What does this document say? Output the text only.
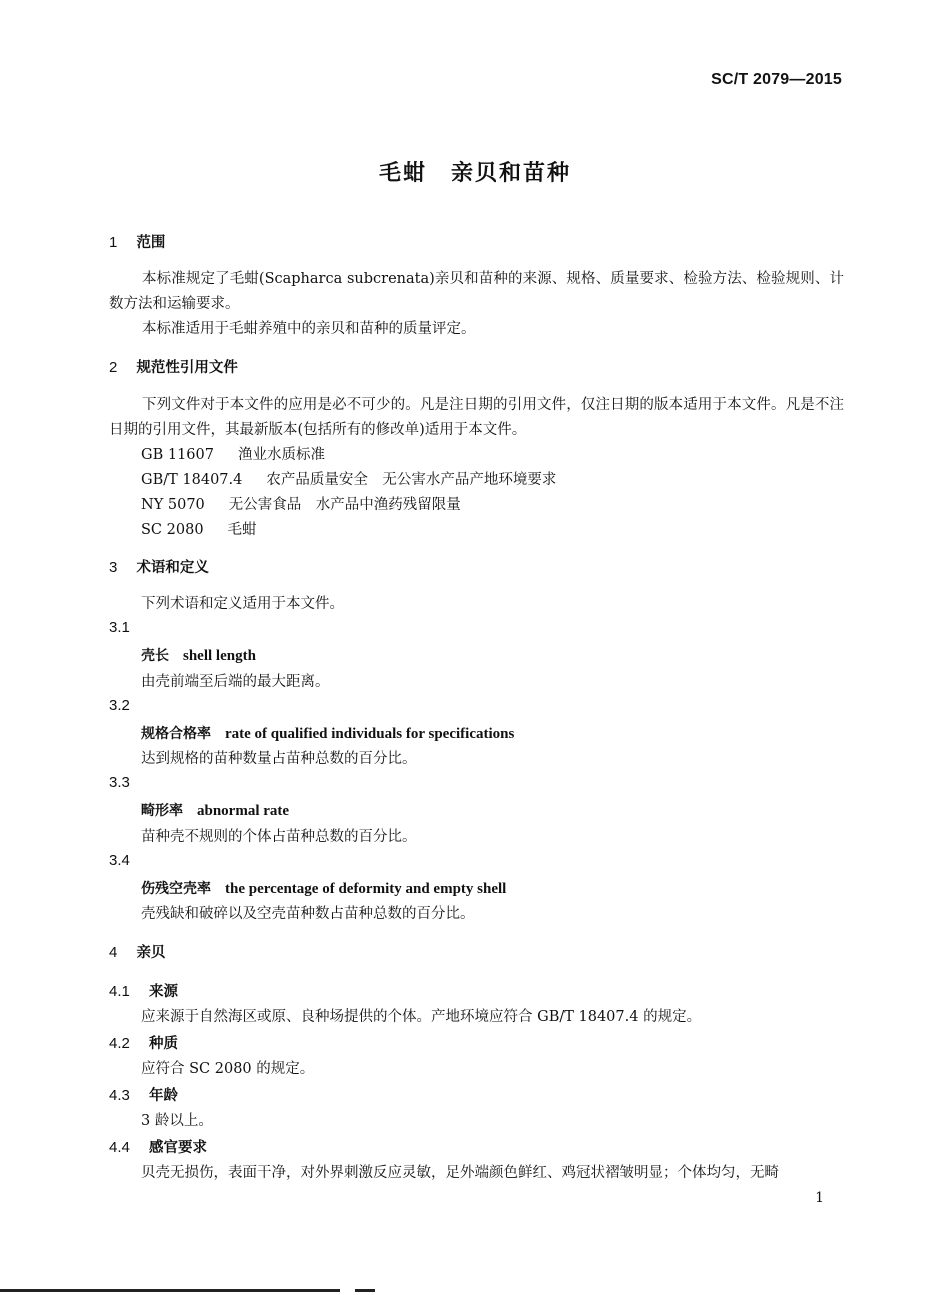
SC/T 2079—2015
毛蚶　亲贝和苗种
1 范围
本标准规定了毛蚶(Scapharca subcrenata)亲贝和苗种的来源、规格、质量要求、检验方法、检验规则、计数方法和运输要求。
本标准适用于毛蚶养殖中的亲贝和苗种的质量评定。
2 规范性引用文件
下列文件对于本文件的应用是必不可少的。凡是注日期的引用文件，仅注日期的版本适用于本文件。凡是不注日期的引用文件，其最新版本(包括所有的修改单)适用于本文件。
GB 11607 渔业水质标准
GB/T 18407.4 农产品质量安全　无公害水产品产地环境要求
NY 5070 无公害食品　水产品中渔药残留限量
SC 2080 毛蚶
3 术语和定义
下列术语和定义适用于本文件。
3.1
壳长 shell length
由壳前端至后端的最大距离。
3.2
规格合格率 rate of qualified individuals for specifications
达到规格的苗种数量占苗种总数的百分比。
3.3
畸形率 abnormal rate
苗种壳不规则的个体占苗种总数的百分比。
3.4
伤残空壳率 the percentage of deformity and empty shell
壳残缺和破碎以及空壳苗种数占苗种总数的百分比。
4 亲贝
4.1 来源
应来源于自然海区或原、良种场提供的个体。产地环境应符合 GB/T 18407.4 的规定。
4.2 种质
应符合 SC 2080 的规定。
4.3 年龄
3 龄以上。
4.4 感官要求
贝壳无损伤，表面干净，对外界刺激反应灵敏，足外端颜色鲜红、鸡冠状褶皱明显；个体均匀，无畸
1
